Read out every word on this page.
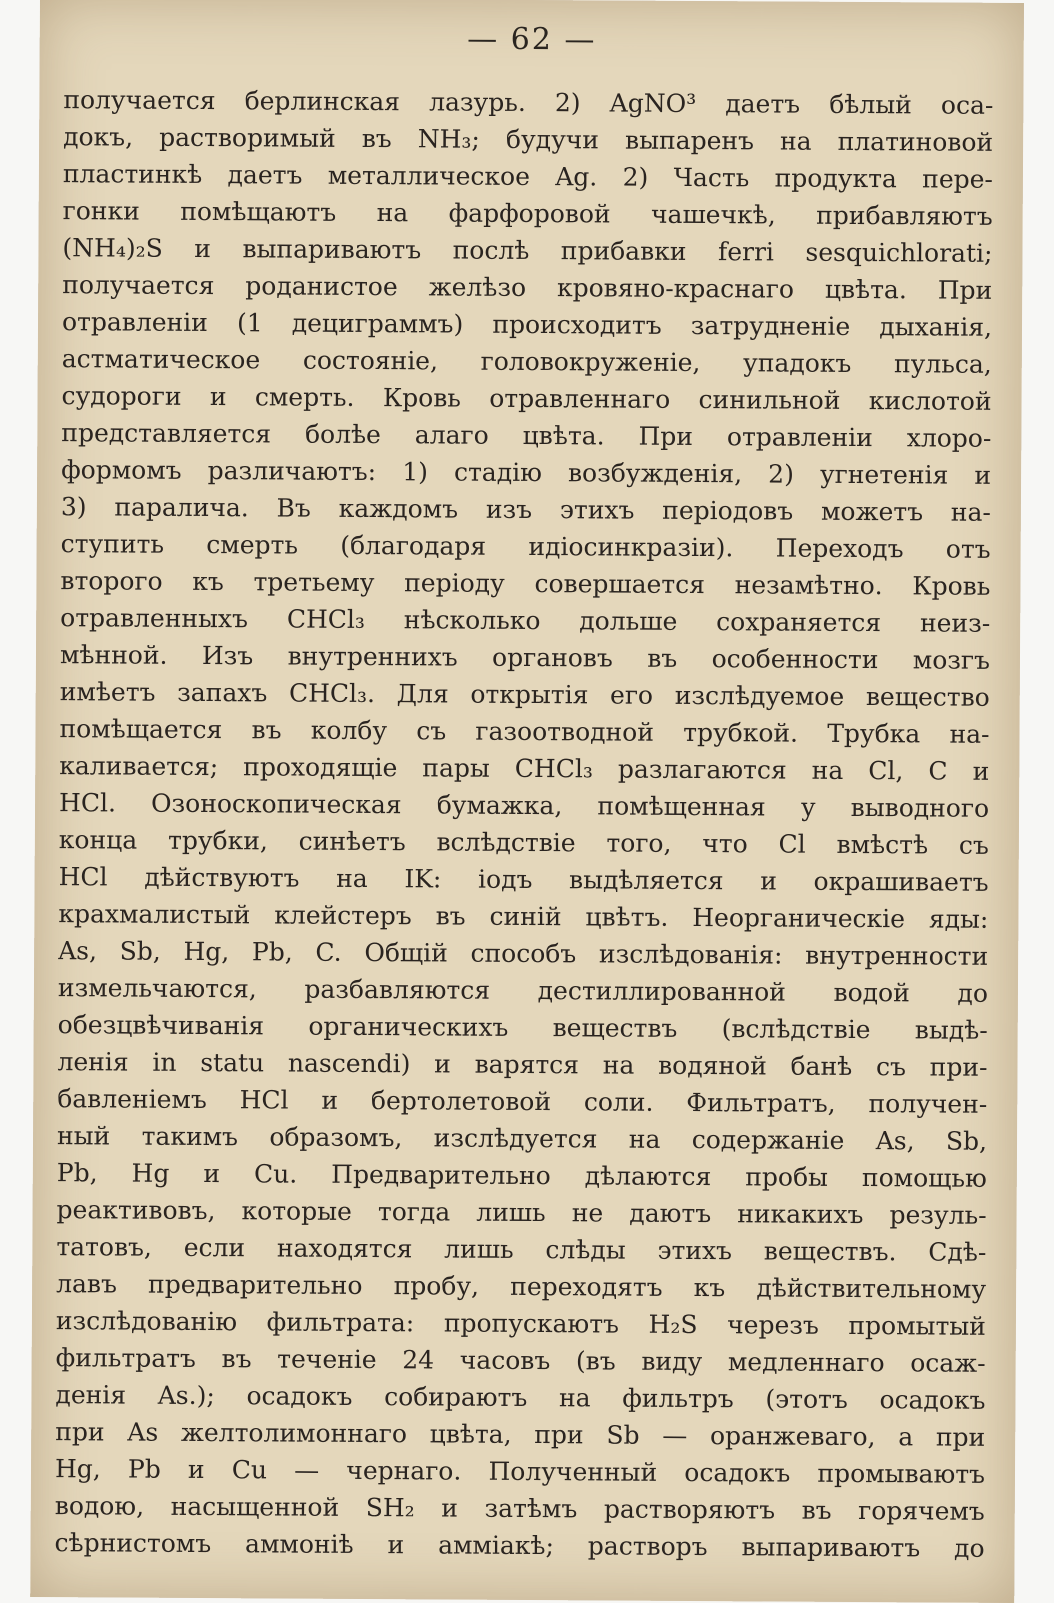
— 62 —
получается берлинская лазурь. 2) AgNO³ даетъ бѣлый оса-
докъ, растворимый въ NH₃; будучи выпаренъ на платиновой
пластинкѣ даетъ металлическое Ag. 2) Часть продукта пере-
гонки помѣщаютъ на фарфоровой чашечкѣ, прибавляютъ
(NH₄)₂S и выпариваютъ послѣ прибавки ferri sesquichlorati;
получается роданистое желѣзо кровяно-краснаго цвѣта. При
отравленіи (1 дециграммъ) происходитъ затрудненіе дыханія,
астматическое состояніе, головокруженіе, упадокъ пульса,
судороги и смерть. Кровь отравленнаго синильной кислотой
представляется болѣе алаго цвѣта. При отравленіи хлоро-
формомъ различаютъ: 1) стадію возбужденія, 2) угнетенія и
3) паралича. Въ каждомъ изъ этихъ періодовъ можетъ на-
ступить смерть (благодаря идіосинкразіи). Переходъ отъ
второго къ третьему періоду совершается незамѣтно. Кровь
отравленныхъ CHCl₃ нѣсколько дольше сохраняется неиз-
мѣнной. Изъ внутреннихъ органовъ въ особенности мозгъ
имѣетъ запахъ CHCl₃. Для открытія его изслѣдуемое вещество
помѣщается въ колбу съ газоотводной трубкой. Трубка на-
каливается; проходящіе пары CHCl₃ разлагаются на Cl, C и
HCl. Озоноскопическая бумажка, помѣщенная у выводного
конца трубки, синѣетъ вслѣдствіе того, что Cl вмѣстѣ съ
HCl дѣйствуютъ на IK: іодъ выдѣляется и окрашиваетъ
крахмалистый клейстеръ въ синій цвѣтъ. Неорганическіе яды:
As, Sb, Hg, Pb, C. Общій способъ изслѣдованія: внутренности
измельчаются, разбавляются дестиллированной водой до
обезцвѣчиванія органическихъ веществъ (вслѣдствіе выдѣ-
ленія in statu nascendi) и варятся на водяной банѣ съ при-
бавленіемъ HCl и бертолетовой соли. Фильтратъ, получен-
ный такимъ образомъ, изслѣдуется на содержаніе As, Sb,
Pb, Hg и Cu. Предварительно дѣлаются пробы помощью
реактивовъ, которые тогда лишь не даютъ никакихъ резуль-
татовъ, если находятся лишь слѣды этихъ веществъ. Сдѣ-
лавъ предварительно пробу, переходятъ къ дѣйствительному
изслѣдованію фильтрата: пропускаютъ H₂S черезъ промытый
фильтратъ въ теченіе 24 часовъ (въ виду медленнаго осаж-
денія As.); осадокъ собираютъ на фильтръ (этотъ осадокъ
при As желтолимоннаго цвѣта, при Sb — оранжеваго, а при
Hg, Pb и Cu — чернаго. Полученный осадокъ промываютъ
водою, насыщенной SH₂ и затѣмъ растворяютъ въ горячемъ
сѣрнистомъ аммоніѣ и амміакѣ; растворъ выпариваютъ до
